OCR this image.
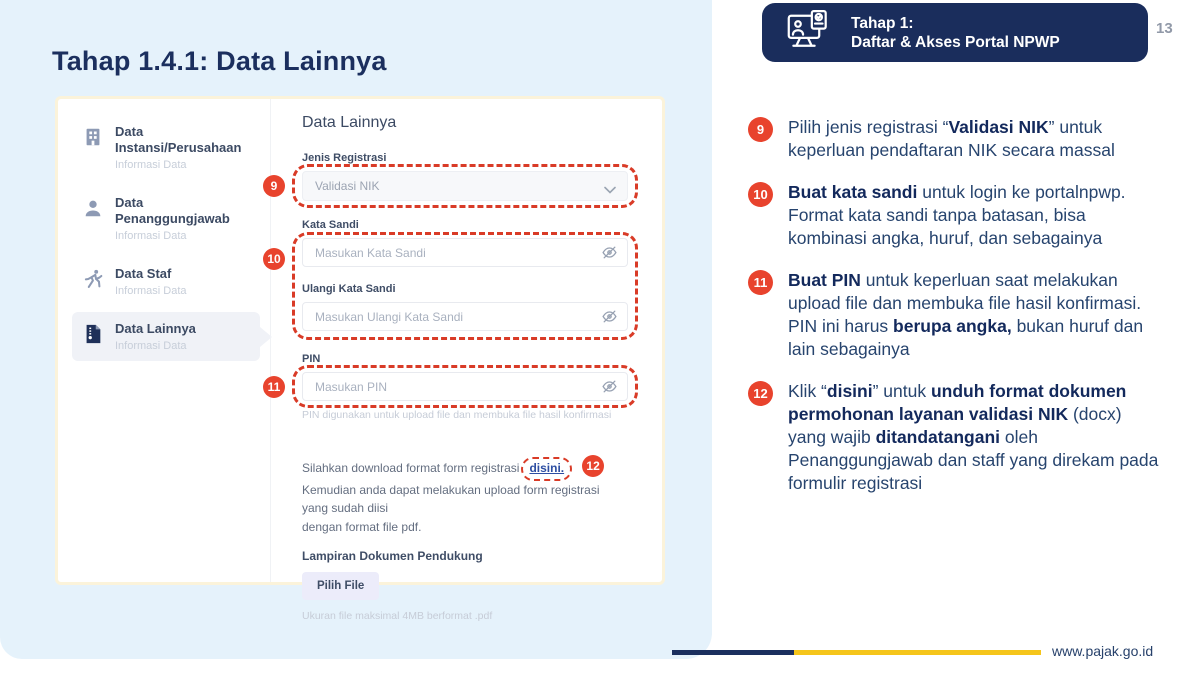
Tahap 1.4.1: Data Lainnya
Data Instansi/Perusahaan
Informasi Data
Data Penanggungjawab
Informasi Data
Data Staf
Informasi Data
Data Lainnya
Informasi Data
Data Lainnya
Jenis Registrasi
9	Validasi NIK
Kata Sandi
10
Masukan Kata Sandi
Ulangi Kata Sandi
Masukan Ulangi Kata Sandi
PIN
11
Masukan PIN
PIN digunakan untuk upload file dan membuka file hasil konfirmasi
Silahkan download format form registrasi disini. 12
Kemudian anda dapat melakukan upload form registrasi yang sudah diisi
dengan format file pdf.
Lampiran Dokumen Pendukung
Pilih File
Ukuran file maksimal 4MB berformat .pdf
Tahap 1:
Daftar & Akses Portal NPWP
13
9	Pilih jenis registrasi “Validasi NIK” untuk keperluan pendaftaran NIK secara massal
10	Buat kata sandi untuk login ke portalnpwp. Format kata sandi tanpa batasan, bisa kombinasi angka, huruf, dan sebagainya
11	Buat PIN untuk keperluan saat melakukan upload file dan membuka file hasil konfirmasi. PIN ini harus berupa angka, bukan huruf dan lain sebagainya
12	Klik “disini” untuk unduh format dokumen permohonan layanan validasi NIK (docx) yang wajib ditandatangani oleh Penanggungjawab dan staff yang direkam pada formulir registrasi
www.pajak.go.id
